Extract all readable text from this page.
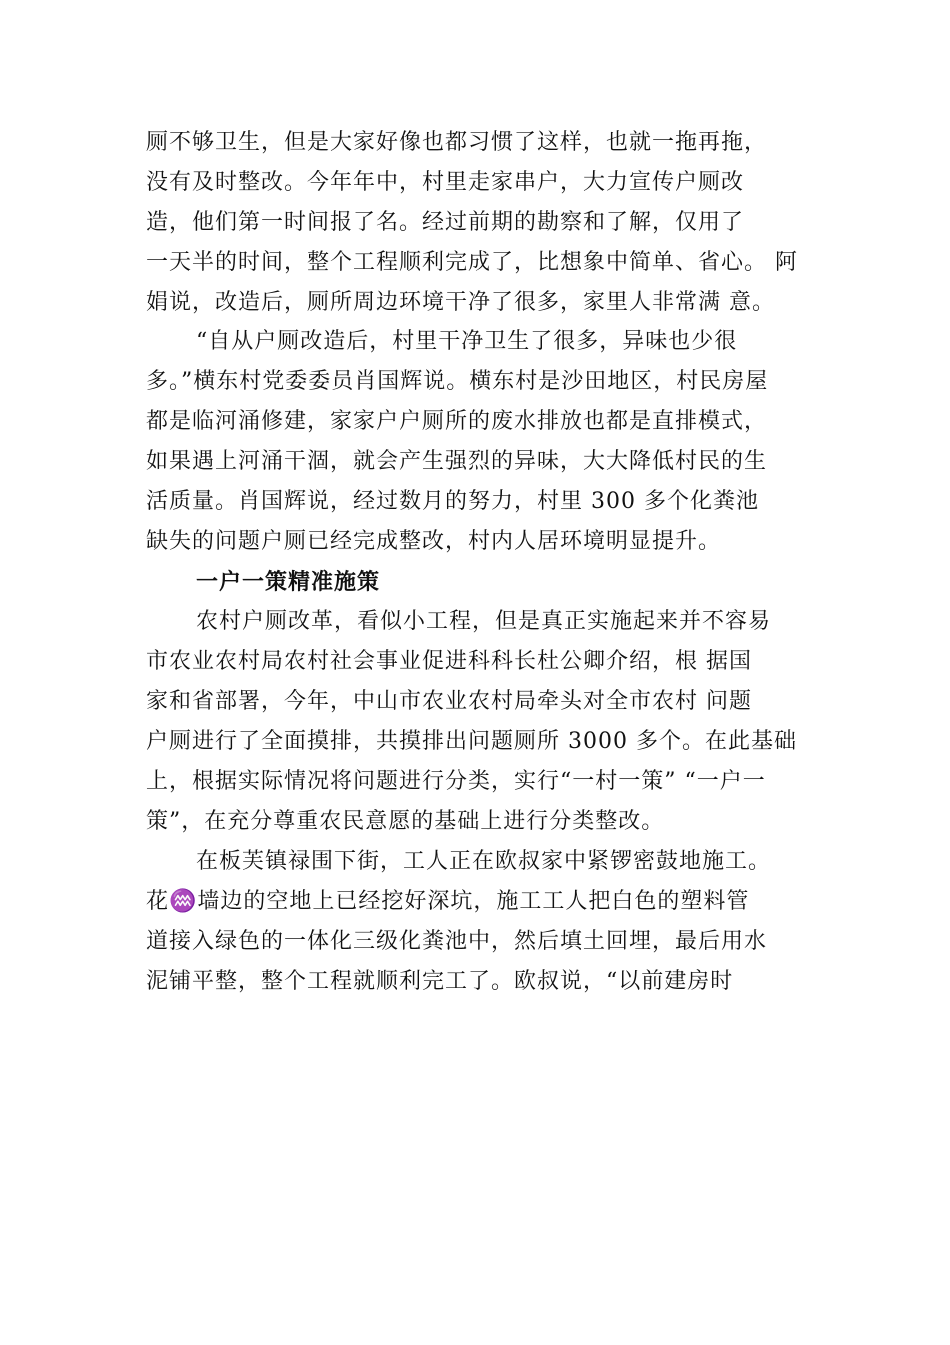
厕不够卫生，但是大家好像也都习惯了这样，也就一拖再拖，
没有及时整改。今年年中，村里走家串户，大力宣传户厕改
造，他们第一时间报了名。经过前期的勘察和了解，仅用了
一天半的时间，整个工程顺利完成了，比想象中简单、省心。 阿
娟说，改造后，厕所周边环境干净了很多，家里人非常满 意。
“自从户厕改造后，村里干净卫生了很多，异味也少很
多。”横东村党委委员肖国辉说。横东村是沙田地区，村民房屋
都是临河涌修建，家家户户厕所的废水排放也都是直排模式，
如果遇上河涌干涸，就会产生强烈的异味，大大降低村民的生
活质量。肖国辉说，经过数月的努力，村里 300 多个化粪池
缺失的问题户厕已经完成整改，村内人居环境明显提升。
一户一策精准施策
农村户厕改革，看似小工程，但是真正实施起来并不容易
市农业农村局农村社会事业促进科科长杜公卿介绍，根 据国
家和省部署，今年，中山市农业农村局牵头对全市农村 问题
户厕进行了全面摸排，共摸排出问题厕所 3000 多个。在此基础
上，根据实际情况将问题进行分类，实行“一村一策” “一户一
策”，在充分尊重农民意愿的基础上进行分类整改。
在板芙镇禄围下街，工人正在欧叔家中紧锣密鼓地施工。
花♒墙边的空地上已经挖好深坑，施工工人把白色的塑料管
道接入绿色的一体化三级化粪池中，然后填土回埋，最后用水
泥铺平整，整个工程就顺利完工了。欧叔说，“以前建房时
